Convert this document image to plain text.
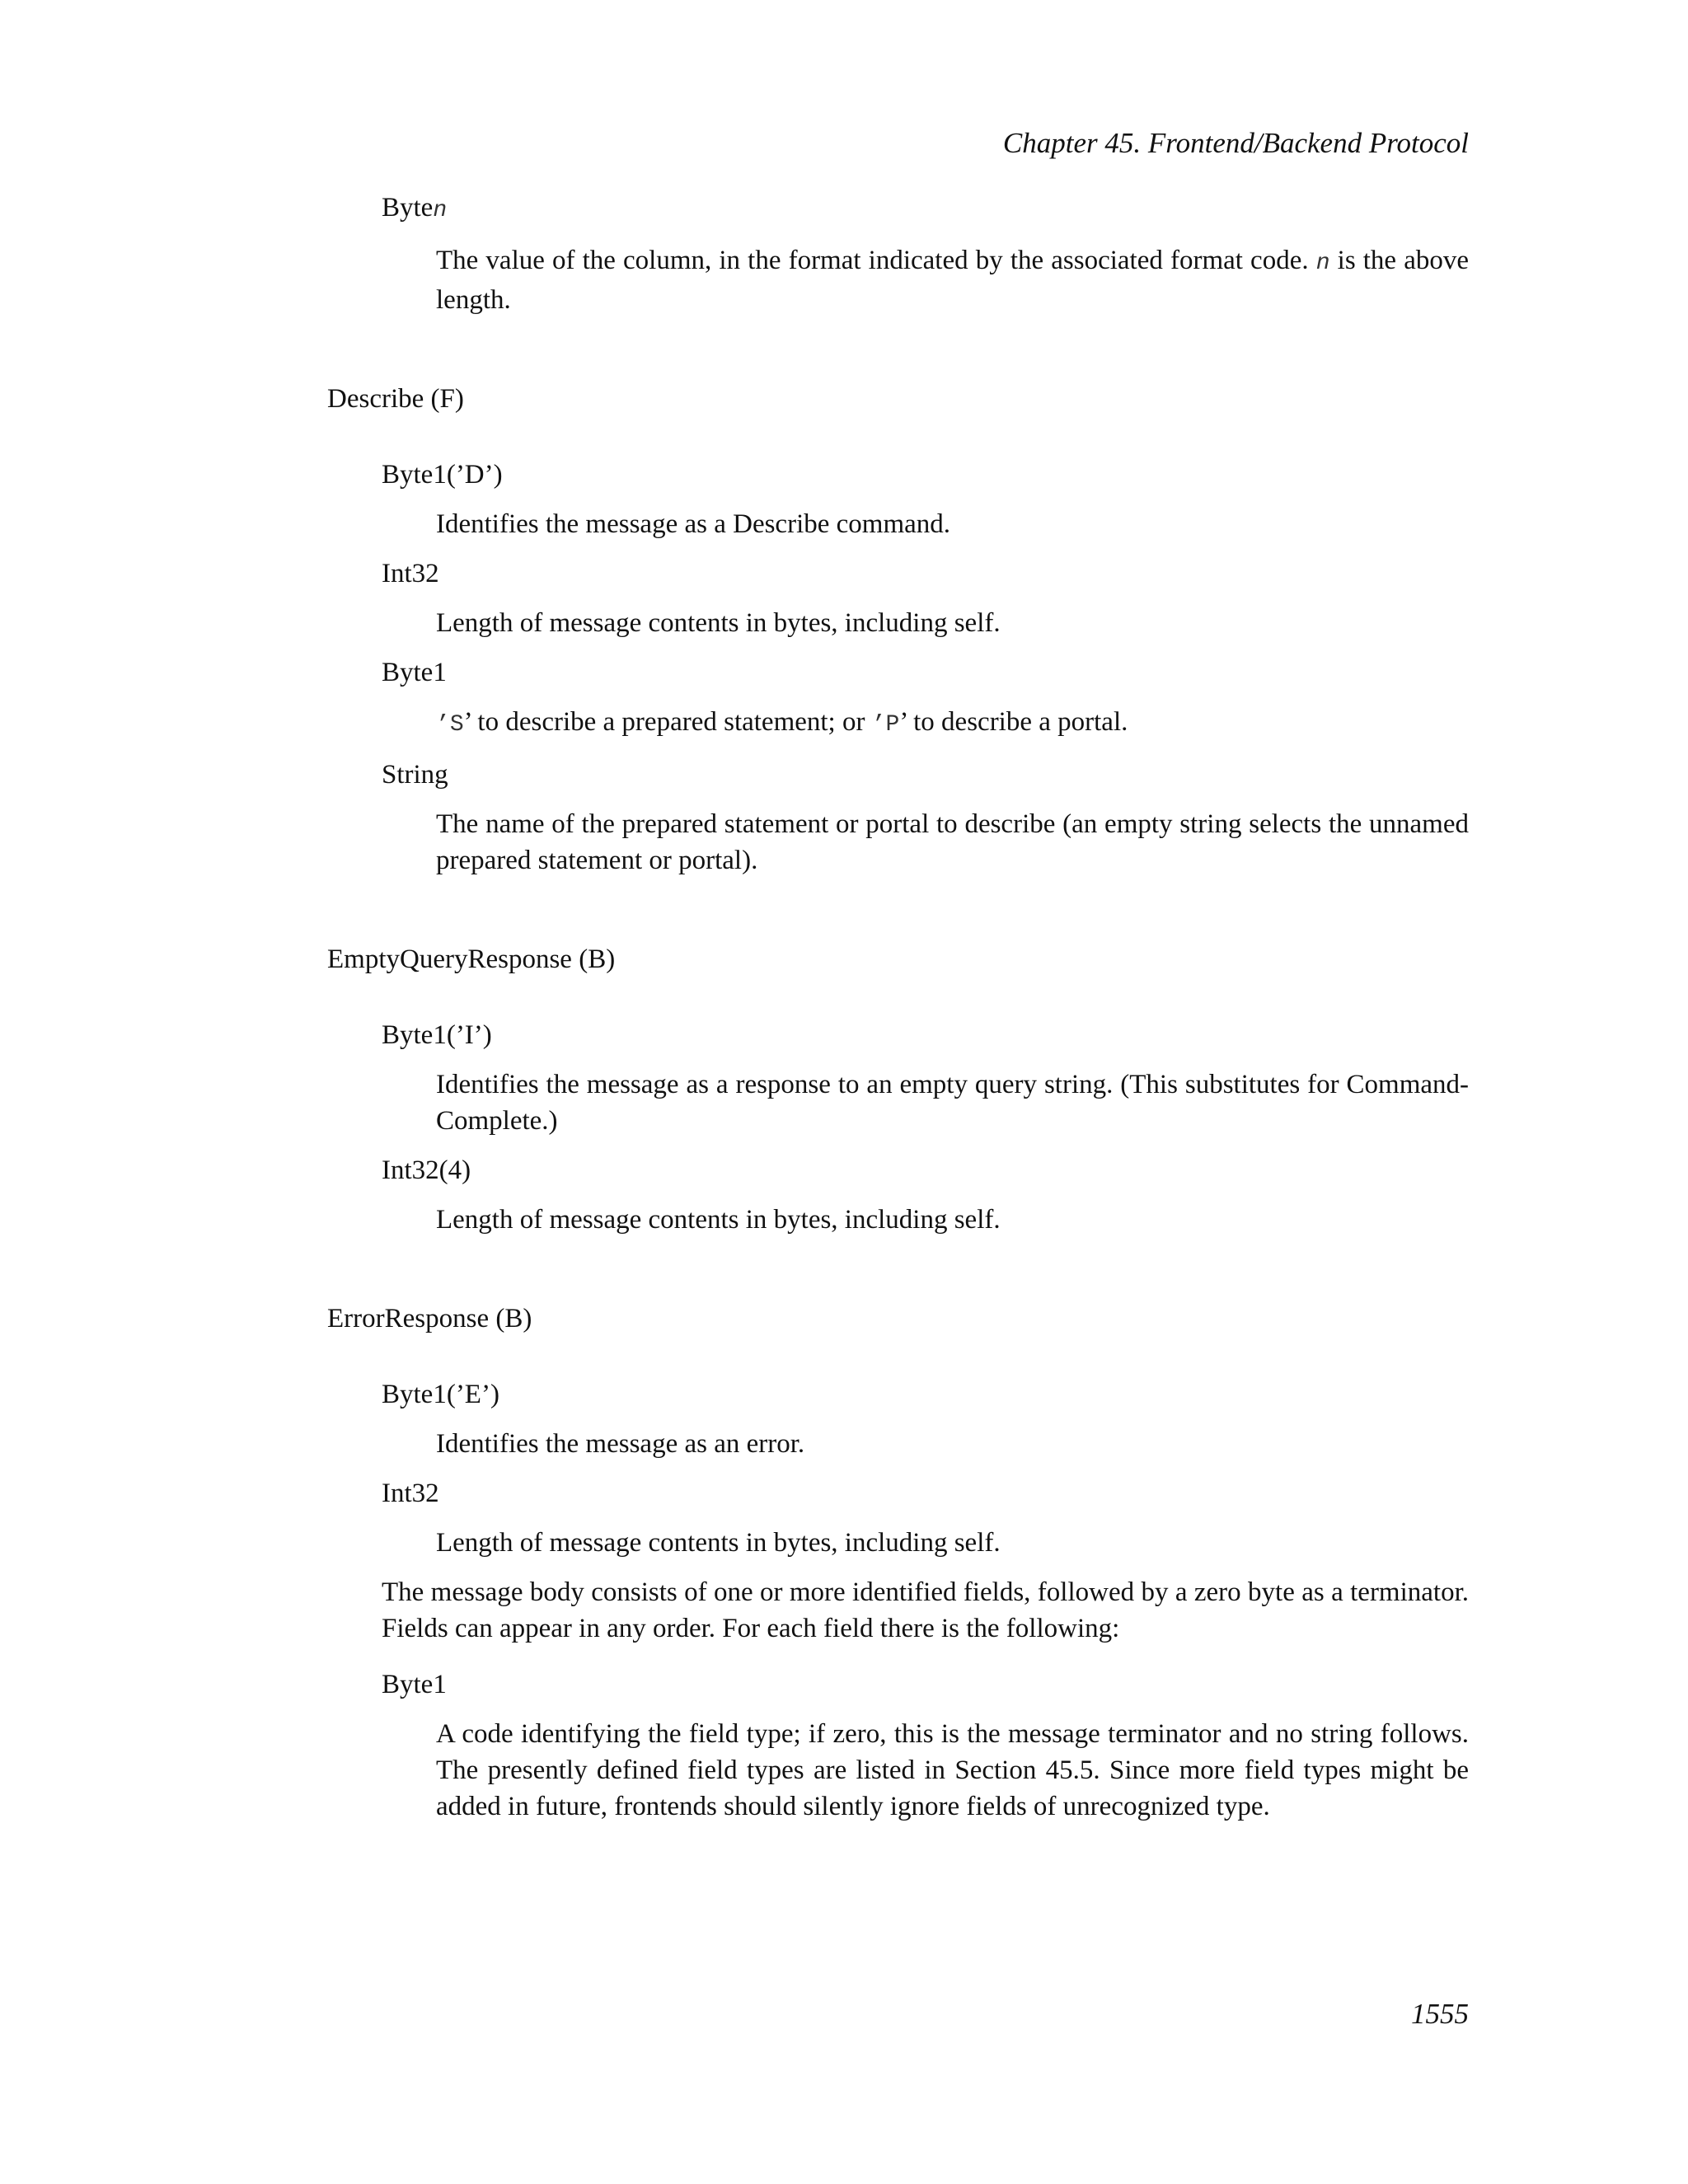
Chapter 45. Frontend/Backend Protocol
Byten
The value of the column, in the format indicated by the associated format code. n is the above length.
Describe (F)
Byte1(’D’)
Identifies the message as a Describe command.
Int32
Length of message contents in bytes, including self.
Byte1
’S’ to describe a prepared statement; or ’P’ to describe a portal.
String
The name of the prepared statement or portal to describe (an empty string selects the unnamed prepared statement or portal).
EmptyQueryResponse (B)
Byte1(’I’)
Identifies the message as a response to an empty query string. (This substitutes for Command-Complete.)
Int32(4)
Length of message contents in bytes, including self.
ErrorResponse (B)
Byte1(’E’)
Identifies the message as an error.
Int32
Length of message contents in bytes, including self.
The message body consists of one or more identified fields, followed by a zero byte as a terminator. Fields can appear in any order. For each field there is the following:
Byte1
A code identifying the field type; if zero, this is the message terminator and no string follows. The presently defined field types are listed in Section 45.5. Since more field types might be added in future, frontends should silently ignore fields of unrecognized type.
1555
